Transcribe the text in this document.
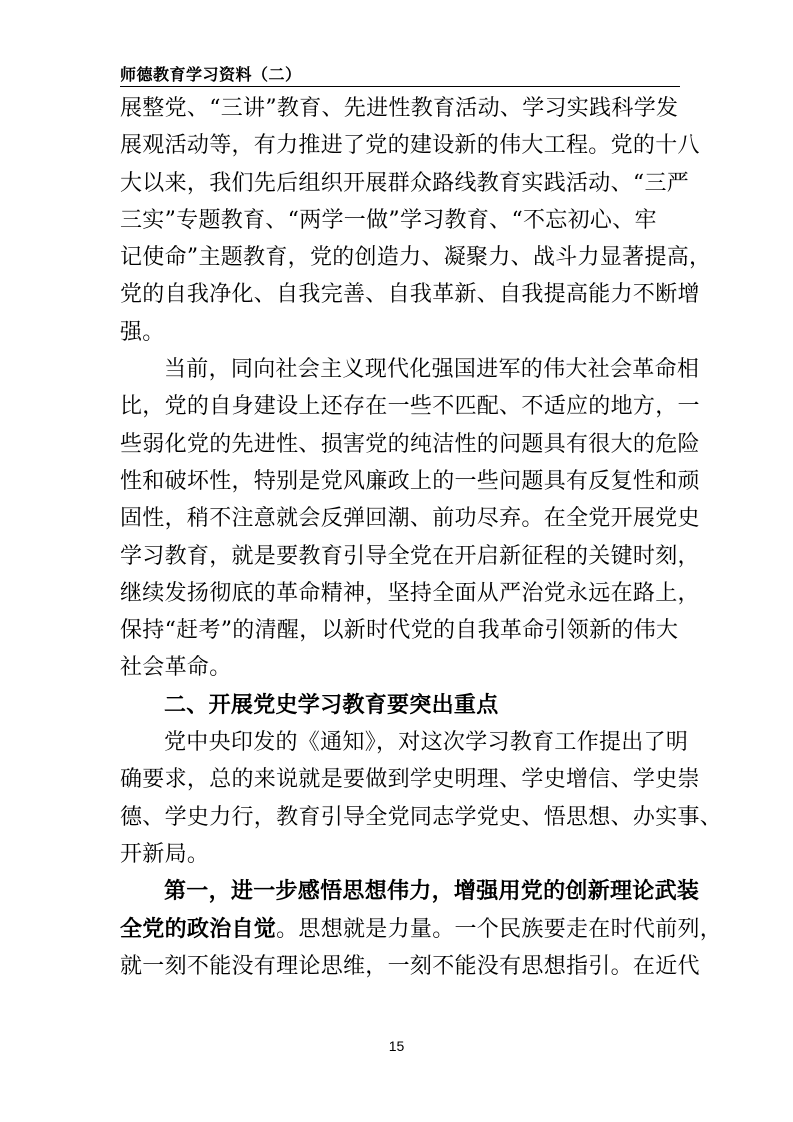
师德教育学习资料（二）
展整党、“三讲”教育、先进性教育活动、学习实践科学发
展观活动等，有力推进了党的建设新的伟大工程。党的十八
大以来，我们先后组织开展群众路线教育实践活动、“三严
三实”专题教育、“两学一做”学习教育、“不忘初心、牢
记使命”主题教育，党的创造力、凝聚力、战斗力显著提高，
党的自我净化、自我完善、自我革新、自我提高能力不断增
强。
当前，同向社会主义现代化强国进军的伟大社会革命相
比，党的自身建设上还存在一些不匹配、不适应的地方，一
些弱化党的先进性、损害党的纯洁性的问题具有很大的危险
性和破坏性，特别是党风廉政上的一些问题具有反复性和顽
固性，稍不注意就会反弹回潮、前功尽弃。在全党开展党史
学习教育，就是要教育引导全党在开启新征程的关键时刻，
继续发扬彻底的革命精神，坚持全面从严治党永远在路上，
保持“赶考”的清醒，以新时代党的自我革命引领新的伟大
社会革命。
二、开展党史学习教育要突出重点
党中央印发的《通知》，对这次学习教育工作提出了明
确要求，总的来说就是要做到学史明理、学史增信、学史崇
德、学史力行，教育引导全党同志学党史、悟思想、办实事、
开新局。
第一，进一步感悟思想伟力，增强用党的创新理论武装
全党的政治自觉。思想就是力量。一个民族要走在时代前列，
就一刻不能没有理论思维，一刻不能没有思想指引。在近代
15
